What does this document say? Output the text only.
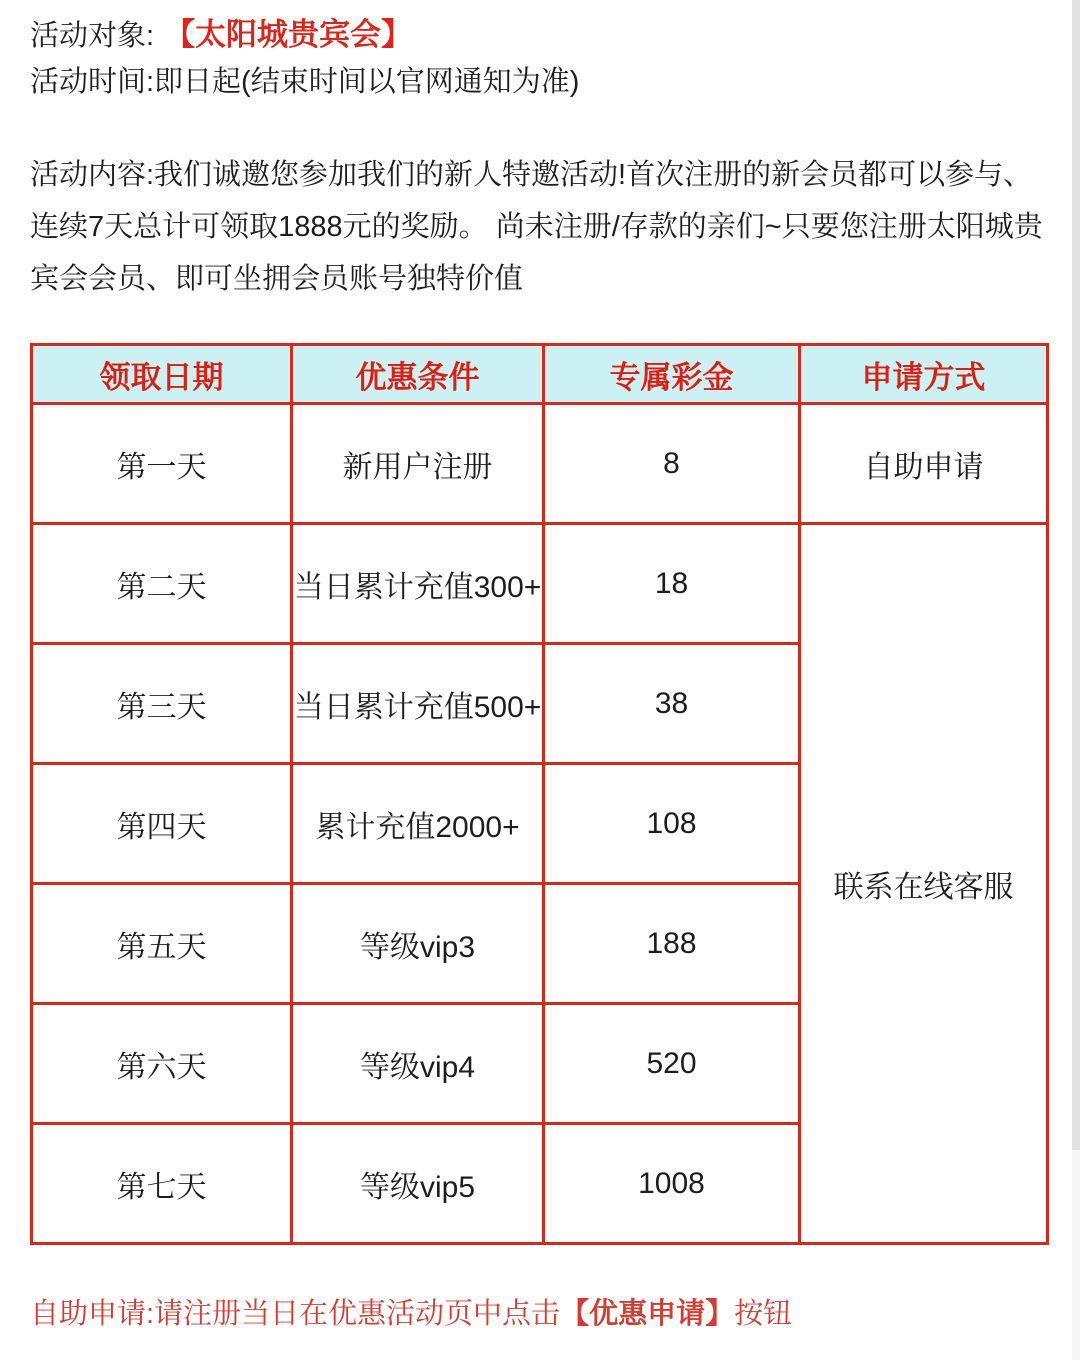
活动对象: 【太阳城贵宾会】

活动时间:即日起(结束时间以官网通知为准)

活动内容:我们诚邀您参加我们的新人特邀活动!首次注册的新会员都可以参与、连续7天总计可领取1888元的奖励。 尚未注册/存款的亲们~只要您注册太阳城贵宾会会员、即可坐拥会员账号独特价值

领取日期	优惠条件	专属彩金	申请方式
第一天	新用户注册	8	自助申请
第二天	当日累计充值300+	18	联系在线客服
第三天	当日累计充值500+	38	
第四天	累计充值2000+	108	
第五天	等级vip3	188	
第六天	等级vip4	520	
第七天	等级vip5	1008	

自助申请:请注册当日在优惠活动页中点击【优惠申请】按钮
